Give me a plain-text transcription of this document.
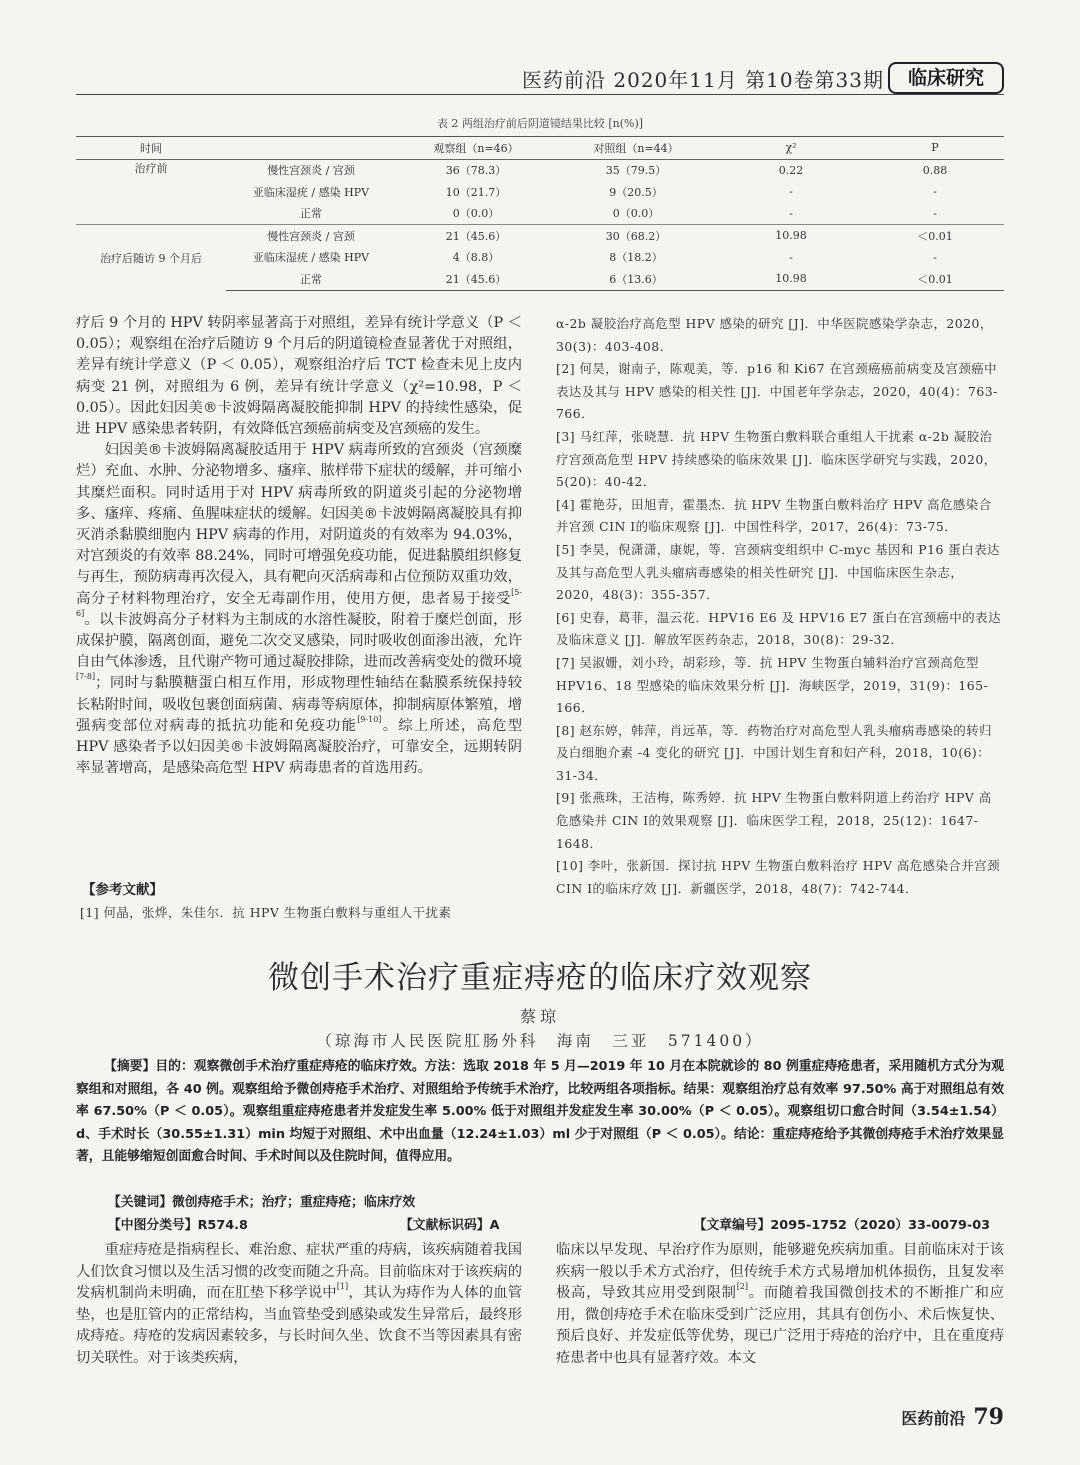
医药前沿 2020年11月 第10卷第33期	临床研究
表 2 两组治疗前后阴道镜结果比较 [n(%)]
时间		观察组（n=46）	对照组（n=44）	χ²	P
治疗前	慢性宫颈炎 / 宫颈	36（78.3）	35（79.5）	0.22	0.88
	亚临床湿疣 / 感染 HPV	10（21.7）	9（20.5）	-	-
	正常	0（0.0）	0（0.0）	-	-
治疗后随访 9 个月后	慢性宫颈炎 / 宫颈	21（45.6）	30（68.2）	10.98	＜0.01
	亚临床湿疣 / 感染 HPV	4（8.8）	8（18.2）	-	-
	正常	21（45.6）	6（13.6）	10.98	＜0.01

疗后 9 个月的 HPV 转阴率显著高于对照组，差异有统计学意义（P ＜ 0.05）；观察组在治疗后随访 9 个月后的阴道镜检查显著优于对照组，差异有统计学意义（P ＜ 0.05），观察组治疗后 TCT 检查未见上皮内病变 21 例，对照组为 6 例，差异有统计学意义（χ²=10.98，P ＜ 0.05）。因此妇因美®卡波姆隔离凝胶能抑制 HPV 的持续性感染，促进 HPV 感染患者转阴，有效降低宫颈癌前病变及宫颈癌的发生。

妇因美®卡波姆隔离凝胶适用于 HPV 病毒所致的宫颈炎（宫颈糜烂）充血、水肿、分泌物增多、瘙痒、脓样带下症状的缓解，并可缩小其糜烂面积。同时适用于对 HPV 病毒所致的阴道炎引起的分泌物增多、瘙痒、疼痛、鱼腥味症状的缓解。妇因美®卡波姆隔离凝胶具有抑灭消杀黏膜细胞内 HPV 病毒的作用，对阴道炎的有效率为 94.03%，对宫颈炎的有效率 88.24%，同时可增强免疫功能，促进黏膜组织修复与再生，预防病毒再次侵入，具有靶向灭活病毒和占位预防双重功效，高分子材料物理治疗，安全无毒副作用，使用方便，患者易于接受[5-6]。以卡波姆高分子材料为主制成的水溶性凝胶，附着于糜烂创面，形成保护膜，隔离创面，避免二次交叉感染，同时吸收创面渗出液，允许自由气体渗透，且代谢产物可通过凝胶排除，进而改善病变处的微环境[7-8]；同时与黏膜糖蛋白相互作用，形成物理性轴结在黏膜系统保持较长粘附时间，吸收包裹创面病菌、病毒等病原体，抑制病原体繁殖，增强病变部位对病毒的抵抗功能和免疫功能[9-10]。综上所述，高危型 HPV 感染者予以妇因美®卡波姆隔离凝胶治疗，可靠安全，远期转阴率显著增高，是感染高危型 HPV 病毒患者的首选用药。

【参考文献】
[1] 何晶，张烨，朱佳尔．抗 HPV 生物蛋白敷料与重组人干扰素
α-2b 凝胶治疗高危型 HPV 感染的研究 [J]．中华医院感染学杂志，2020，30(3)：403-408．
[2] 何昊，谢南子，陈观美，等．p16 和 Ki67 在宫颈癌癌前病变及宫颈癌中表达及其与 HPV 感染的相关性 [J]．中国老年学杂志，2020，40(4)：763-766．
[3] 马红萍，张晓慧．抗 HPV 生物蛋白敷料联合重组人干扰素 α-2b 凝胶治疗宫颈高危型 HPV 持续感染的临床效果 [J]．临床医学研究与实践，2020，5(20)：40-42．
[4] 霍艳芬，田旭青，霍墨杰．抗 HPV 生物蛋白敷料治疗 HPV 高危感染合并宫颈 CIN Ⅰ的临床观察 [J]．中国性科学，2017，26(4)：73-75．
[5] 李昊，倪潇潇，康妮，等．宫颈病变组织中 C-myc 基因和 P16 蛋白表达及其与高危型人乳头瘤病毒感染的相关性研究 [J]．中国临床医生杂志，2020，48(3)：355-357．
[6] 史春，葛菲，温云花．HPV16 E6 及 HPV16 E7 蛋白在宫颈癌中的表达及临床意义 [J]．解放军医药杂志，2018，30(8)：29-32．
[7] 吴淑姗，刘小玲，胡彩珍，等．抗 HPV 生物蛋白辅料治疗宫颈高危型 HPV16、18 型感染的临床效果分析 [J]．海峡医学，2019，31(9)：165-166．
[8] 赵东婷，韩萍，肖远革，等．药物治疗对高危型人乳头瘤病毒感染的转归及白细胞介素 -4 变化的研究 [J]．中国计划生育和妇产科，2018，10(6)：31-34．
[9] 张燕珠，王洁梅，陈秀婷．抗 HPV 生物蛋白敷料阴道上药治疗 HPV 高危感染并 CIN Ⅰ的效果观察 [J]．临床医学工程，2018，25(12)：1647-1648．
[10] 李叶，张新国．探讨抗 HPV 生物蛋白敷料治疗 HPV 高危感染合并宫颈 CIN Ⅰ的临床疗效 [J]．新疆医学，2018，48(7)：742-744．
微创手术治疗重症痔疮的临床疗效观察
蔡琼
（琼海市人民医院肛肠外科　海南　三亚　571400）
【摘要】目的：观察微创手术治疗重症痔疮的临床疗效。方法：选取 2018 年 5 月—2019 年 10 月在本院就诊的 80 例重症痔疮患者，采用随机方式分为观察组和对照组，各 40 例。观察组给予微创痔疮手术治疗、对照组给予传统手术治疗，比较两组各项指标。结果：观察组治疗总有效率 97.50% 高于对照组总有效率 67.50%（P ＜ 0.05）。观察组重症痔疮患者并发症发生率 5.00% 低于对照组并发症发生率 30.00%（P ＜ 0.05）。观察组切口愈合时间（3.54±1.54）d、手术时长（30.55±1.31）min 均短于对照组、术中出血量（12.24±1.03）ml 少于对照组（P ＜ 0.05）。结论：重症痔疮给予其微创痔疮手术治疗效果显著，且能够缩短创面愈合时间、手术时间以及住院时间，值得应用。
【关键词】微创痔疮手术；治疗；重症痔疮；临床疗效
【中图分类号】R574.8	【文献标识码】A	【文章编号】2095-1752（2020）33-0079-03

重症痔疮是指病程长、难治愈、症状严重的痔病，该疾病随着我国人们饮食习惯以及生活习惯的改变而随之升高。目前临床对于该疾病的发病机制尚未明确，而在肛垫下移学说中[1]，其认为痔作为人体的血管垫，也是肛管内的正常结构，当血管垫受到感染或发生异常后，最终形成痔疮。痔疮的发病因素较多，与长时间久坐、饮食不当等因素具有密切关联性。对于该类疾病，

临床以早发现、早治疗作为原则，能够避免疾病加重。目前临床对于该疾病一般以手术方式治疗，但传统手术方式易增加机体损伤，且复发率极高，导致其应用受到限制[2]。而随着我国微创技术的不断推广和应用，微创痔疮手术在临床受到广泛应用，其具有创伤小、术后恢复快、预后良好、并发症低等优势，现已广泛用于痔疮的治疗中，且在重度痔疮患者中也具有显著疗效。本文

医药前沿 79
